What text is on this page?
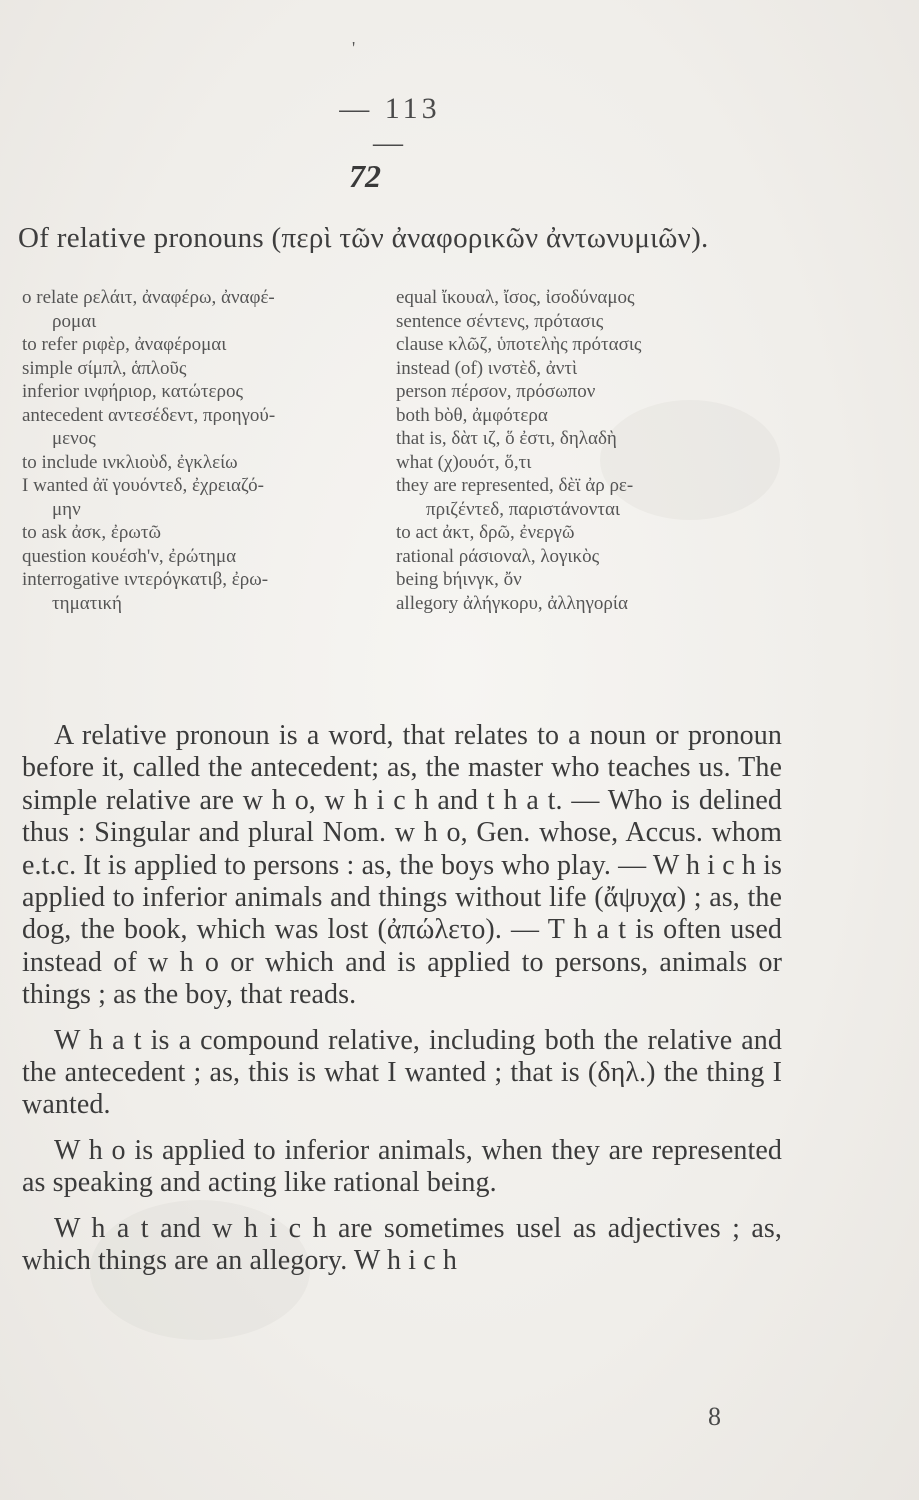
'
— 113 —
72
Of relative pronouns (περὶ τῶν ἀναφορικῶν ἀντωνυμιῶν).

o relate ρελάιτ, ἀναφέρω, ἀναφέ-
ρομαι

to refer ριφὲρ, ἀναφέρομαι

simple σίμπλ, ἁπλοῦς

inferior ινφήριορ, κατώτερος

antecedent αντεσέδεντ, προηγού-
μενος

to include ινκλιοὺδ, ἐγκλείω

I wanted ἀϊ γουόντεδ, ἐχρειαζό-
μην

to ask ἀσκ, ἐρωτῶ

question κουέσh'ν, ἐρώτημα

interrogative ιντερόγκατιβ, ἐρω-
τηματική

equal ἴκουαλ, ἴσος, ἰσοδύναμος

sentence σέντενς, πρότασις

clause κλῶζ, ὑποτελὴς πρότασις

instead (of) ινστὲδ, ἀντὶ

person πέρσον, πρόσωπον

both bὸθ, ἀμφότερα

that is, δὰτ ιζ, ὅ ἐστι, δηλαδὴ

what (χ)ουότ, ὅ,τι

they are represented, δὲϊ ἀρ ρε-
πριζέντεδ, παριστάνονται

to act ἀκτ, δρῶ, ἐνεργῶ

rational ράσιοναλ, λογικὸς

being bήινγκ, ὄν

allegory ἀλήγκορυ, ἀλληγορία

A relative pronoun is a word, that relates to a noun or pronoun before it, called the antecedent; as, the master who teaches us. The simple relative are w h o, w h i c h and t h a t. — Who is delined thus : Singular and plural Nom. w h o, Gen. whose, Accus. whom e.t.c. It is applied to persons : as, the boys who play. — W h i c h is applied to inferior animals and things without life (ἄψυχα) ; as, the dog, the book, which was lost (ἀπώλετο). — T h a t is often used instead of w h o or which and is applied to persons, animals or things ; as the boy, that reads.

W h a t is a compound relative, including both the relative and the antecedent ; as, this is what I wanted ; that is (δηλ.) the thing I wanted.

W h o is applied to inferior animals, when they are represented as speaking and acting like rational being.

W h a t and w h i c h are sometimes usel as adjectives ; as, which things are an allegory. W h i c h

8
